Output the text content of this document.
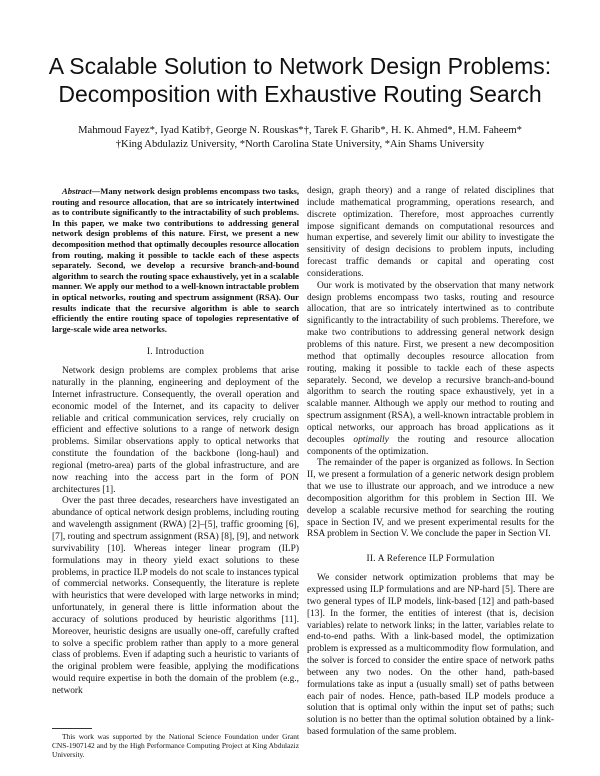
A Scalable Solution to Network Design Problems:
Decomposition with Exhaustive Routing Search
Mahmoud Fayez*, Iyad Katib†, George N. Rouskas*†, Tarek F. Gharib*, H. K. Ahmed*, H.M. Faheem*
†King Abdulaziz University, *North Carolina State University, *Ain Shams University

Abstract—Many network design problems encompass two tasks, routing and resource allocation, that are so intricately intertwined as to contribute significantly to the intractability of such problems. In this paper, we make two contributions to addressing general network design problems of this nature. First, we present a new decomposition method that optimally decouples resource allocation from routing, making it possible to tackle each of these aspects separately. Second, we develop a recursive branch-and-bound algorithm to search the routing space exhaustively, yet in a scalable manner. We apply our method to a well-known intractable problem in optical networks, routing and spectrum assignment (RSA). Our results indicate that the recursive algorithm is able to search efficiently the entire routing space of topologies representative of large-scale wide area networks.

I. Introduction

Network design problems are complex problems that arise naturally in the planning, engineering and deployment of the Internet infrastructure. Consequently, the overall operation and economic model of the Internet, and its capacity to deliver reliable and critical communication services, rely crucially on efficient and effective solutions to a range of network design problems. Similar observations apply to optical networks that constitute the foundation of the backbone (long-haul) and regional (metro-area) parts of the global infrastructure, and are now reaching into the access part in the form of PON architectures [1].

Over the past three decades, researchers have investigated an abundance of optical network design problems, including routing and wavelength assignment (RWA) [2]–[5], traffic grooming [6], [7], routing and spectrum assignment (RSA) [8], [9], and network survivability [10]. Whereas integer linear program (ILP) formulations may in theory yield exact solutions to these problems, in practice ILP models do not scale to instances typical of commercial networks. Consequently, the literature is replete with heuristics that were developed with large networks in mind; unfortunately, in general there is little information about the accuracy of solutions produced by heuristic algorithms [11]. Moreover, heuristic designs are usually one-off, carefully crafted to solve a specific problem rather than apply to a more general class of problems. Even if adapting such a heuristic to variants of the original problem were feasible, applying the modifications would require expertise in both the domain of the problem (e.g., network

This work was supported by the National Science Foundation under Grant CNS-1907142 and by the High Performance Computing Project at King Abdulaziz University.

design, graph theory) and a range of related disciplines that include mathematical programming, operations research, and discrete optimization. Therefore, most approaches currently impose significant demands on computational resources and human expertise, and severely limit our ability to investigate the sensitivity of design decisions to problem inputs, including forecast traffic demands or capital and operating cost considerations.

Our work is motivated by the observation that many network design problems encompass two tasks, routing and resource allocation, that are so intricately intertwined as to contribute significantly to the intractability of such problems. Therefore, we make two contributions to addressing general network design problems of this nature. First, we present a new decomposition method that optimally decouples resource allocation from routing, making it possible to tackle each of these aspects separately. Second, we develop a recursive branch-and-bound algorithm to search the routing space exhaustively, yet in a scalable manner. Although we apply our method to routing and spectrum assignment (RSA), a well-known intractable problem in optical networks, our approach has broad applications as it decouples optimally the routing and resource allocation components of the optimization.

The remainder of the paper is organized as follows. In Section II, we present a formulation of a generic network design problem that we use to illustrate our approach, and we introduce a new decomposition algorithm for this problem in Section III. We develop a scalable recursive method for searching the routing space in Section IV, and we present experimental results for the RSA problem in Section V. We conclude the paper in Section VI.

II. A Reference ILP Formulation

We consider network optimization problems that may be expressed using ILP formulations and are NP-hard [5]. There are two general types of ILP models, link-based [12] and path-based [13]. In the former, the entities of interest (that is, decision variables) relate to network links; in the latter, variables relate to end-to-end paths. With a link-based model, the optimization problem is expressed as a multicommodity flow formulation, and the solver is forced to consider the entire space of network paths between any two nodes. On the other hand, path-based formulations take as input a (usually small) set of paths between each pair of nodes. Hence, path-based ILP models produce a solution that is optimal only within the input set of paths; such solution is no better than the optimal solution obtained by a link-based formulation of the same problem.
